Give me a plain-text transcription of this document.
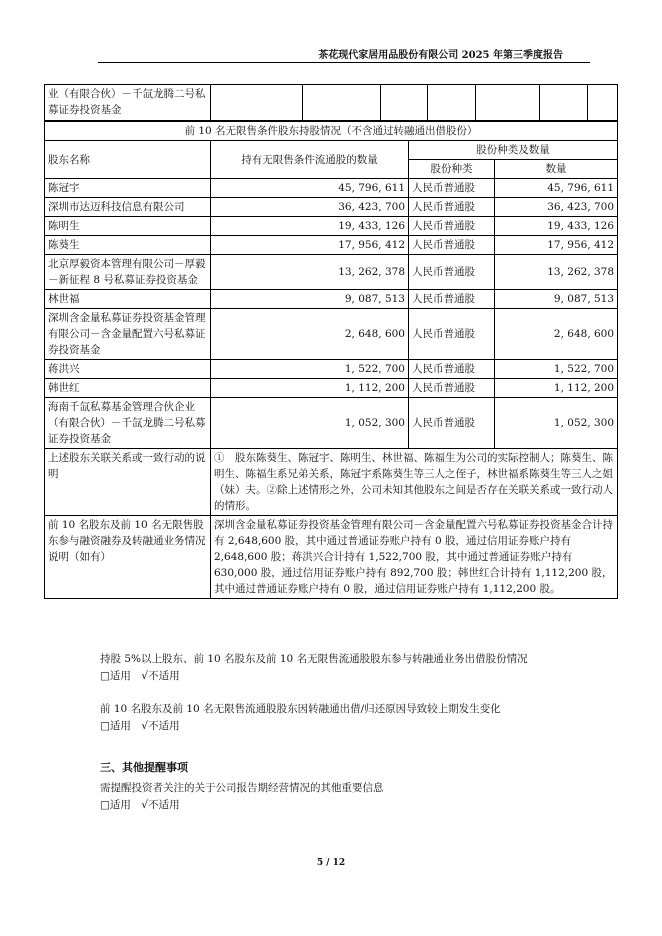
茶花现代家居用品股份有限公司 2025 年第三季度报告
业（有限合伙）－千氙龙腾二号私募证券投资基金							
前 10 名无限售条件股东持股情况（不含通过转融通出借股份）			
股东名称	持有无限售条件流通股的数量	股份种类及数量	
		股份种类	数量
陈冠宇	45, 796, 611	人民币普通股	45, 796, 611
深圳市达迈科技信息有限公司	36, 423, 700	人民币普通股	36, 423, 700
陈明生	19, 433, 126	人民币普通股	19, 433, 126
陈葵生	17, 956, 412	人民币普通股	17, 956, 412
北京厚毅资本管理有限公司－厚毅－新征程 8 号私募证券投资基金	13, 262, 378	人民币普通股	13, 262, 378
林世福	9, 087, 513	人民币普通股	9, 087, 513
深圳含金量私募证券投资基金管理有限公司－含金量配置六号私募证券投资基金	2, 648, 600	人民币普通股	2, 648, 600
蒋洪兴	1, 522, 700	人民币普通股	1, 522, 700
韩世红	1, 112, 200	人民币普通股	1, 112, 200
海南千氙私募基金管理合伙企业（有限合伙）－千氙龙腾二号私募证券投资基金	1, 052, 300	人民币普通股	1, 052, 300
上述股东关联关系或一致行动的说明	①　股东陈葵生、陈冠宇、陈明生、林世福、陈福生为公司的实际控制人；陈葵生、陈明生、陈福生系兄弟关系，陈冠宇系陈葵生等三人之侄子，林世福系陈葵生等三人之姐（妹）夫。②除上述情形之外，公司未知其他股东之间是否存在关联关系或一致行动人的情形。		
前 10 名股东及前 10 名无限售股东参与融资融券及转融通业务情况说明（如有）	深圳含金量私募证券投资基金管理有限公司－含金量配置六号私募证券投资基金合计持有 2,648,600 股，其中通过普通证券账户持有 0 股，通过信用证券账户持有 2,648,600 股；蒋洪兴合计持有 1,522,700 股，其中通过普通证券账户持有 630,000 股，通过信用证券账户持有 892,700 股；韩世红合计持有 1,112,200 股，其中通过普通证券账户持有 0 股，通过信用证券账户持有 1,112,200 股。		
持股 5%以上股东、前 10 名股东及前 10 名无限售流通股股东参与转融通业务出借股份情况
□适用　√不适用
前 10 名股东及前 10 名无限售流通股股东因转融通出借/归还原因导致较上期发生变化
□适用　√不适用
三、其他提醒事项
需提醒投资者关注的关于公司报告期经营情况的其他重要信息
□适用　√不适用
5 / 12
